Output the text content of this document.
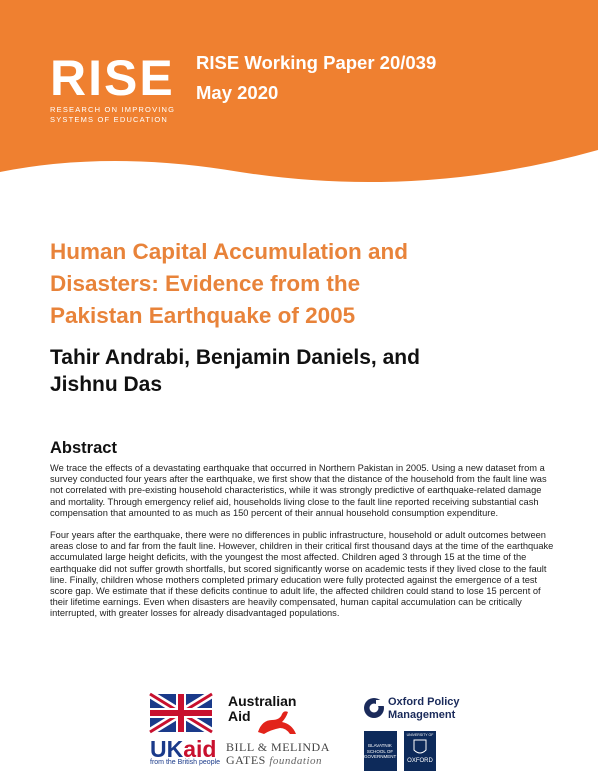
RISE
RESEARCH ON IMPROVING
SYSTEMS OF EDUCATION
RISE Working Paper 20/039
May 2020
Human Capital Accumulation and
Disasters: Evidence from the
Pakistan Earthquake of 2005
Tahir Andrabi, Benjamin Daniels, and
Jishnu Das
Abstract

We trace the effects of a devastating earthquake that occurred in Northern Pakistan in 2005. Using a new dataset from a survey conducted four years after the earthquake, we first show that the distance of the household from the fault line was not correlated with pre-existing household characteristics, while it was strongly predictive of earthquake-related damage and mortality. Through emergency relief aid, households living close to the fault line reported receiving substantial cash compensation that amounted to as much as 150 percent of their annual household consumption expenditure.

Four years after the earthquake, there were no differences in public infrastructure, household or adult outcomes between areas close to and far from the fault line. However, children in their critical first thousand days at the time of the earthquake accumulated large height deficits, with the youngest the most affected. Children aged 3 through 15 at the time of the earthquake did not suffer growth shortfalls, but scored significantly worse on academic tests if they lived close to the fault line. Finally, children whose mothers completed primary education were fully protected against the emergence of a test score gap. We estimate that if these deficits continue to adult life, the affected children could stand to lose 15 percent of their lifetime earnings. Even when disasters are heavily compensated, human capital accumulation can be critically interrupted, with greater losses for already disadvantaged populations.

UKaid
from the British people
Australian
Aid
BILL & MELINDA
GATES foundation
Oxford Policy
Management
BLAVATNIK SCHOOL OF GOVERNMENT
UNIVERSITY OF
OXFORD
